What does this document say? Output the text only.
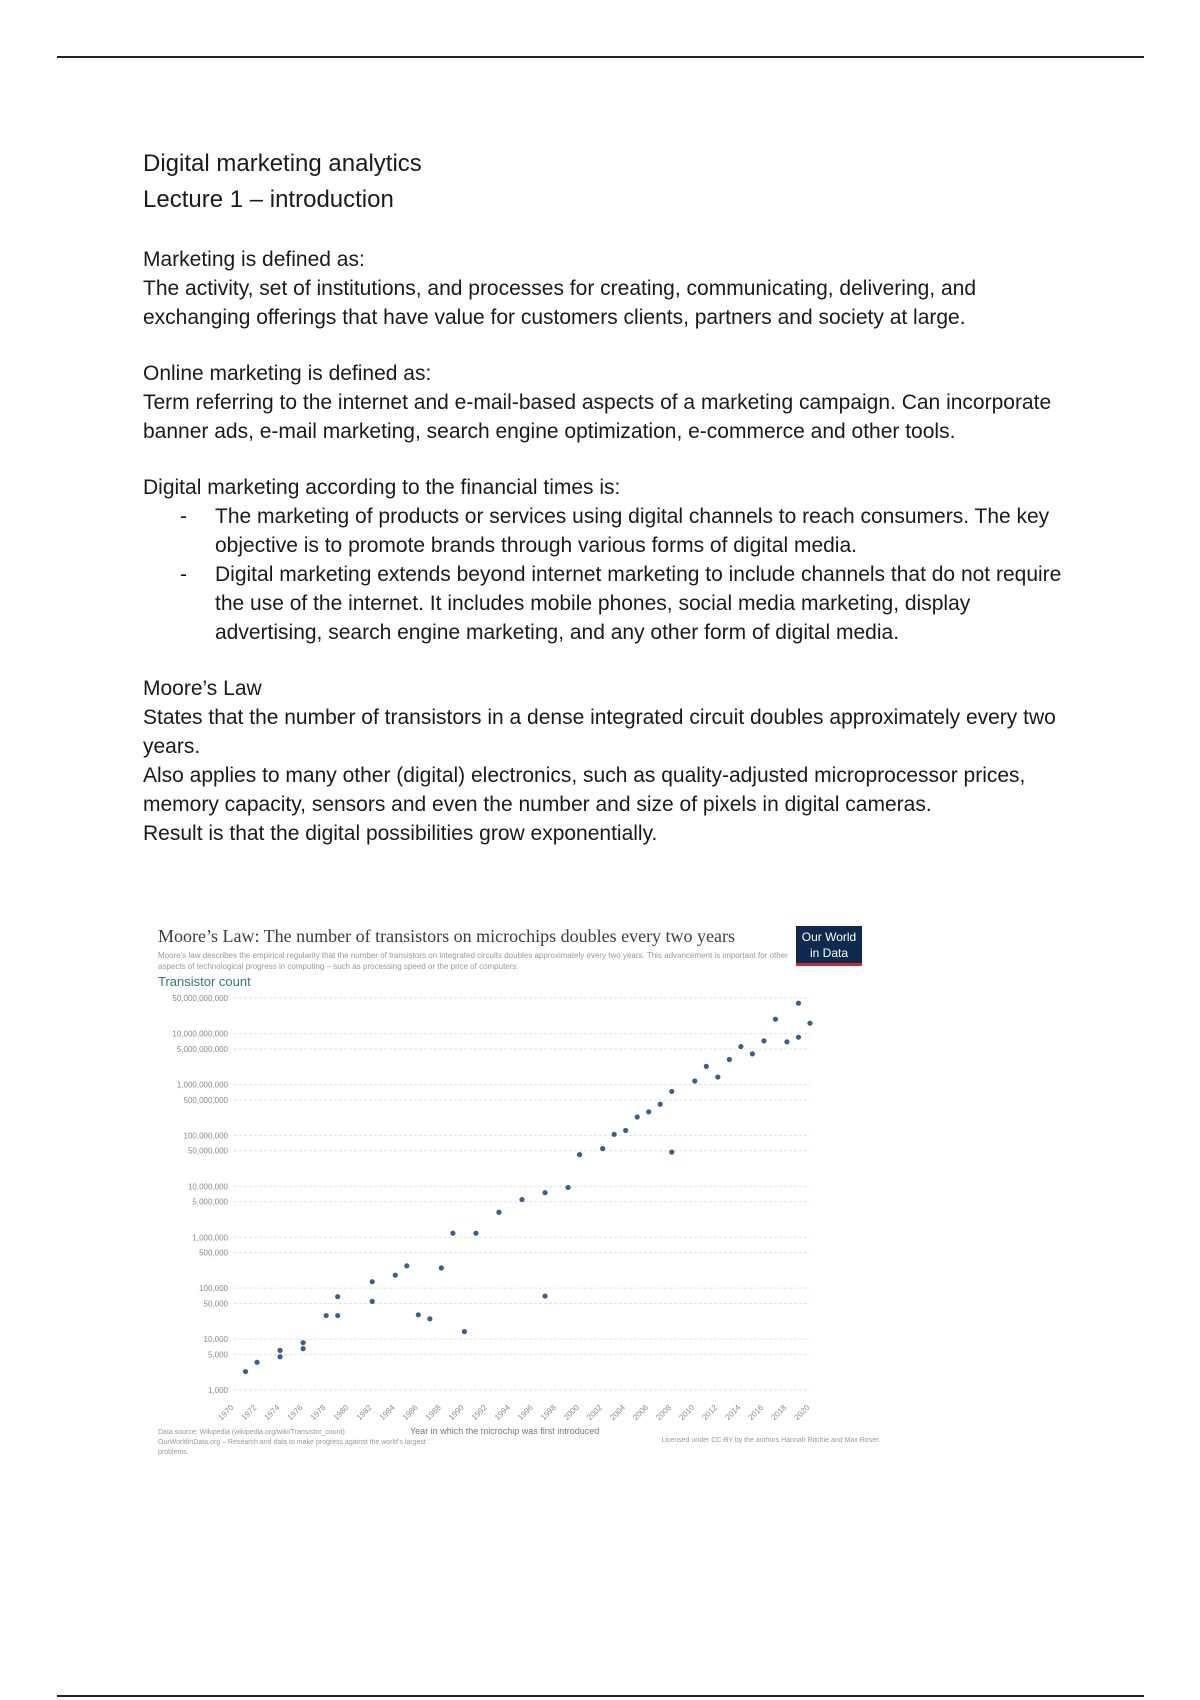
Digital marketing analytics

Lecture 1 – introduction

Marketing is defined as:

The activity, set of institutions, and processes for creating, communicating, delivering, and exchanging offerings that have value for customers clients, partners and society at large.

Online marketing is defined as:

Term referring to the internet and e-mail-based aspects of a marketing campaign. Can incorporate banner ads, e-mail marketing, search engine optimization, e-commerce and other tools.

Digital marketing according to the financial times is:

- The marketing of products or services using digital channels to reach consumers. The key objective is to promote brands through various forms of digital media.
- Digital marketing extends beyond internet marketing to include channels that do not require the use of the internet. It includes mobile phones, social media marketing, display advertising, search engine marketing, and any other form of digital media.

Moore’s Law

States that the number of transistors in a dense integrated circuit doubles approximately every two years.

Also applies to many other (digital) electronics, such as quality-adjusted microprocessor prices, memory capacity, sensors and even the number and size of pixels in digital cameras.

Result is that the digital possibilities grow exponentially.

50,000,000,000
10,000,000,000
5,000,000,000
1,000,000,000
500,000,000
100,000,000
50,000,000
10,000,000
5,000,000
1,000,000
500,000
100,000
50,000
10,000
5,000
1,000
1970 1972 1974 1976 1978 1980 1982 1984 1986 1988 1990 1992 1994 1996 1998 2000 2002 2004 2006 2008 2010 2012 2014 2016 2018 2020
Moore’s Law: The number of transistors on microchips doubles every two years
Moore’s law describes the empirical regularity that the number of transistors on integrated circuits doubles approximately every two years. This advancement is important for other aspects of technological progress in computing – such as processing speed or the price of computers.
Our World in Data
Transistor count
Year in which the microchip was first introduced
Data source: Wikipedia (wikipedia.org/wiki/Transistor_count)
OurWorldinData.org – Research and data to make progress against the world’s largest problems.
Licensed under CC-BY by the authors Hannah Ritchie and Max Roser.
